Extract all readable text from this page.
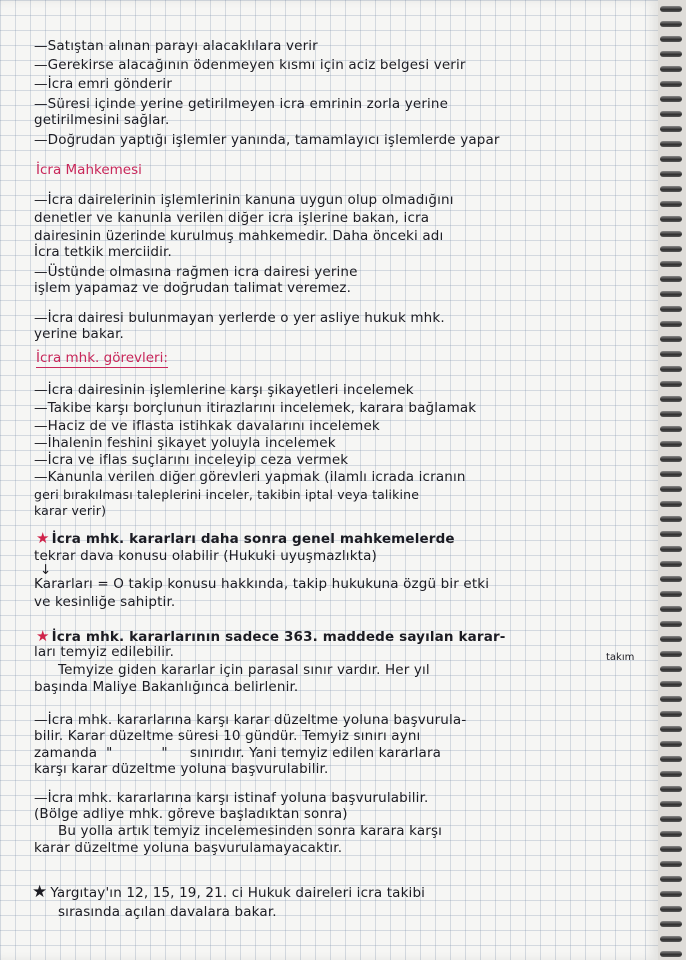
—Satıştan alınan parayı alacaklılara verir
—Gerekirse alacağının ödenmeyen kısmı için aciz belgesi verir
—İcra emri gönderir
—Süresi içinde yerine getirilmeyen icra emrinin zorla yerine
getirilmesini sağlar.
—Doğrudan yaptığı işlemler yanında, tamamlayıcı işlemlerde yapar
İcra Mahkemesi
—İcra dairelerinin işlemlerinin kanuna uygun olup olmadığını
denetler ve kanunla verilen diğer icra işlerine bakan, icra
dairesinin üzerinde kurulmuş mahkemedir. Daha önceki adı
İcra tetkik merciidir.
—Üstünde olmasına rağmen icra dairesi yerine
işlem yapamaz ve doğrudan talimat veremez.
—İcra dairesi bulunmayan yerlerde o yer asliye hukuk mhk.
yerine bakar.
İcra mhk. görevleri:
—İcra dairesinin işlemlerine karşı şikayetleri incelemek
—Takibe karşı borçlunun itirazlarını incelemek, karara bağlamak
—Haciz de ve iflasta istihkak davalarını incelemek
—İhalenin feshini şikayet yoluyla incelemek
—İcra ve iflas suçlarını inceleyip ceza vermek
—Kanunla verilen diğer görevleri yapmak (ilamlı icrada icranın
geri bırakılması taleplerini inceler, takibin iptal veya talikine
karar verir)
★ İcra mhk. kararları daha sonra genel mahkemelerde
tekrar dava konusu olabilir (Hukuki uyuşmazlıkta)
↓
Kararları = O takip konusu hakkında, takip hukukuna özgü bir etki
ve kesinliğe sahiptir.
★ İcra mhk. kararlarının sadece 363. maddede sayılan karar-
ları temyiz edilebilir.
Temyize giden kararlar için parasal sınır vardır. Her yıl
takım
başında Maliye Bakanlığınca belirlenir.
—İcra mhk. kararlarına karşı karar düzeltme yoluna başvurula-
bilir. Karar düzeltme süresi 10 gündür. Temyiz sınırı aynı
zamanda  "           "     sınırıdır. Yani temyiz edilen kararlara
karşı karar düzeltme yoluna başvurulabilir.
—İcra mhk. kararlarına karşı istinaf yoluna başvurulabilir.
(Bölge adliye mhk. göreve başladıktan sonra)
Bu yolla artık temyiz incelemesinden sonra karara karşı
karar düzeltme yoluna başvurulamayacaktır.
★ Yargıtay'ın 12, 15, 19, 21. ci Hukuk daireleri icra takibi
sırasında açılan davalara bakar.
